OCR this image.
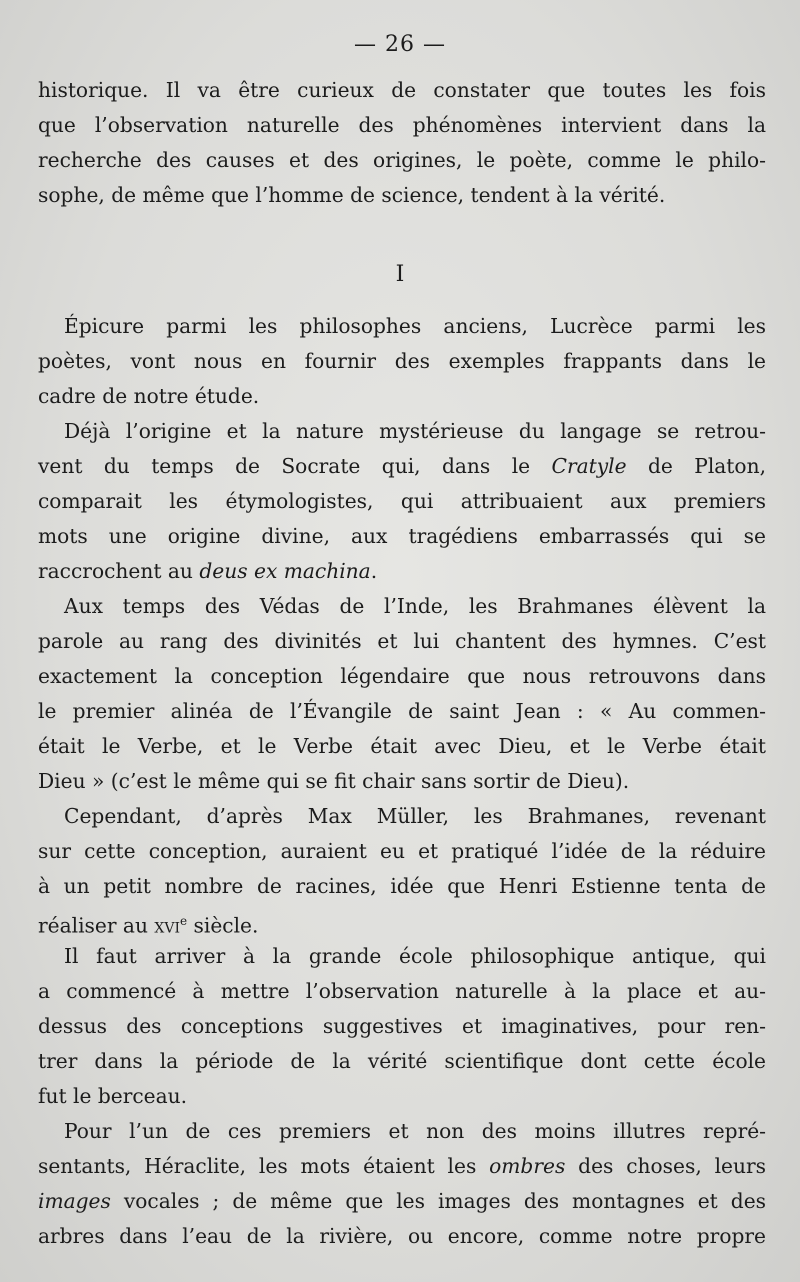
— 26 —
historique. Il va être curieux de constater que toutes les fois
que l’observation naturelle des phénomènes intervient dans la
recherche des causes et des origines, le poète, comme le philo-
sophe, de même que l’homme de science, tendent à la vérité.
I
Épicure parmi les philosophes anciens, Lucrèce parmi les
poètes, vont nous en fournir des exemples frappants dans le
cadre de notre étude.
Déjà l’origine et la nature mystérieuse du langage se retrou-
vent du temps de Socrate qui, dans le Cratyle de Platon,
comparait les étymologistes, qui attribuaient aux premiers
mots une origine divine, aux tragédiens embarrassés qui se
raccrochent au deus ex machina.
Aux temps des Védas de l’Inde, les Brahmanes élèvent la
parole au rang des divinités et lui chantent des hymnes. C’est
exactement la conception légendaire que nous retrouvons dans
le premier alinéa de l’Évangile de saint Jean : « Au commen-
était le Verbe, et le Verbe était avec Dieu, et le Verbe était
Dieu » (c’est le même qui se fit chair sans sortir de Dieu).
Cependant, d’après Max Müller, les Brahmanes, revenant
sur cette conception, auraient eu et pratiqué l’idée de la réduire
à un petit nombre de racines, idée que Henri Estienne tenta de
réaliser au xvi$^e$ siècle.
Il faut arriver à la grande école philosophique antique, qui
a commencé à mettre l’observation naturelle à la place et au-
dessus des conceptions suggestives et imaginatives, pour ren-
trer dans la période de la vérité scientifique dont cette école
fut le berceau.
Pour l’un de ces premiers et non des moins illutres repré-
sentants, Héraclite, les mots étaient les ombres des choses, leurs
images vocales ; de même que les images des montagnes et des
arbres dans l’eau de la rivière, ou encore, comme notre propre
